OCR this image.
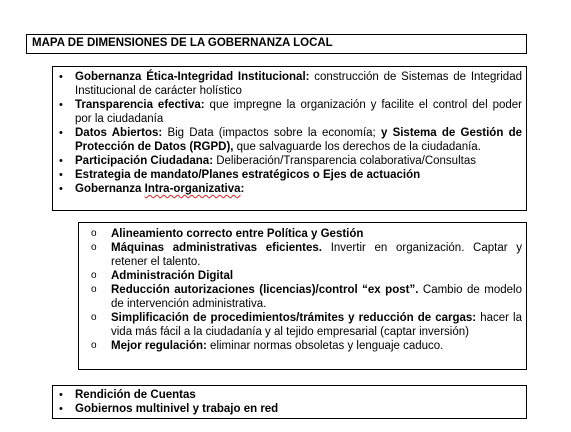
MAPA DE DIMENSIONES DE LA GOBERNANZA LOCAL
• Gobernanza Ética-Integridad Institucional: construcción de Sistemas de Integridad Institucional de carácter holístico
• Transparencia efectiva: que impregne la organización y facilite el control del poder por la ciudadanía
• Datos Abiertos: Big Data (impactos sobre la economía; y Sistema de Gestión de Protección de Datos (RGPD), que salvaguarde los derechos de la ciudadanía.
• Participación Ciudadana: Deliberación/Transparencia colaborativa/Consultas
• Estrategia de mandato/Planes estratégicos o Ejes de actuación
• Gobernanza Intra-organizativa:
o Alineamiento correcto entre Política y Gestión
o Máquinas administrativas eficientes. Invertir en organización. Captar y retener el talento.
o Administración Digital
o Reducción autorizaciones (licencias)/control “ex post”. Cambio de modelo de intervención administrativa.
o Simplificación de procedimientos/trámites y reducción de cargas: hacer la vida más fácil a la ciudadanía y al tejido empresarial (captar inversión)
o Mejor regulación: eliminar normas obsoletas y lenguaje caduco.
• Rendición de Cuentas
• Gobiernos multinivel y trabajo en red
